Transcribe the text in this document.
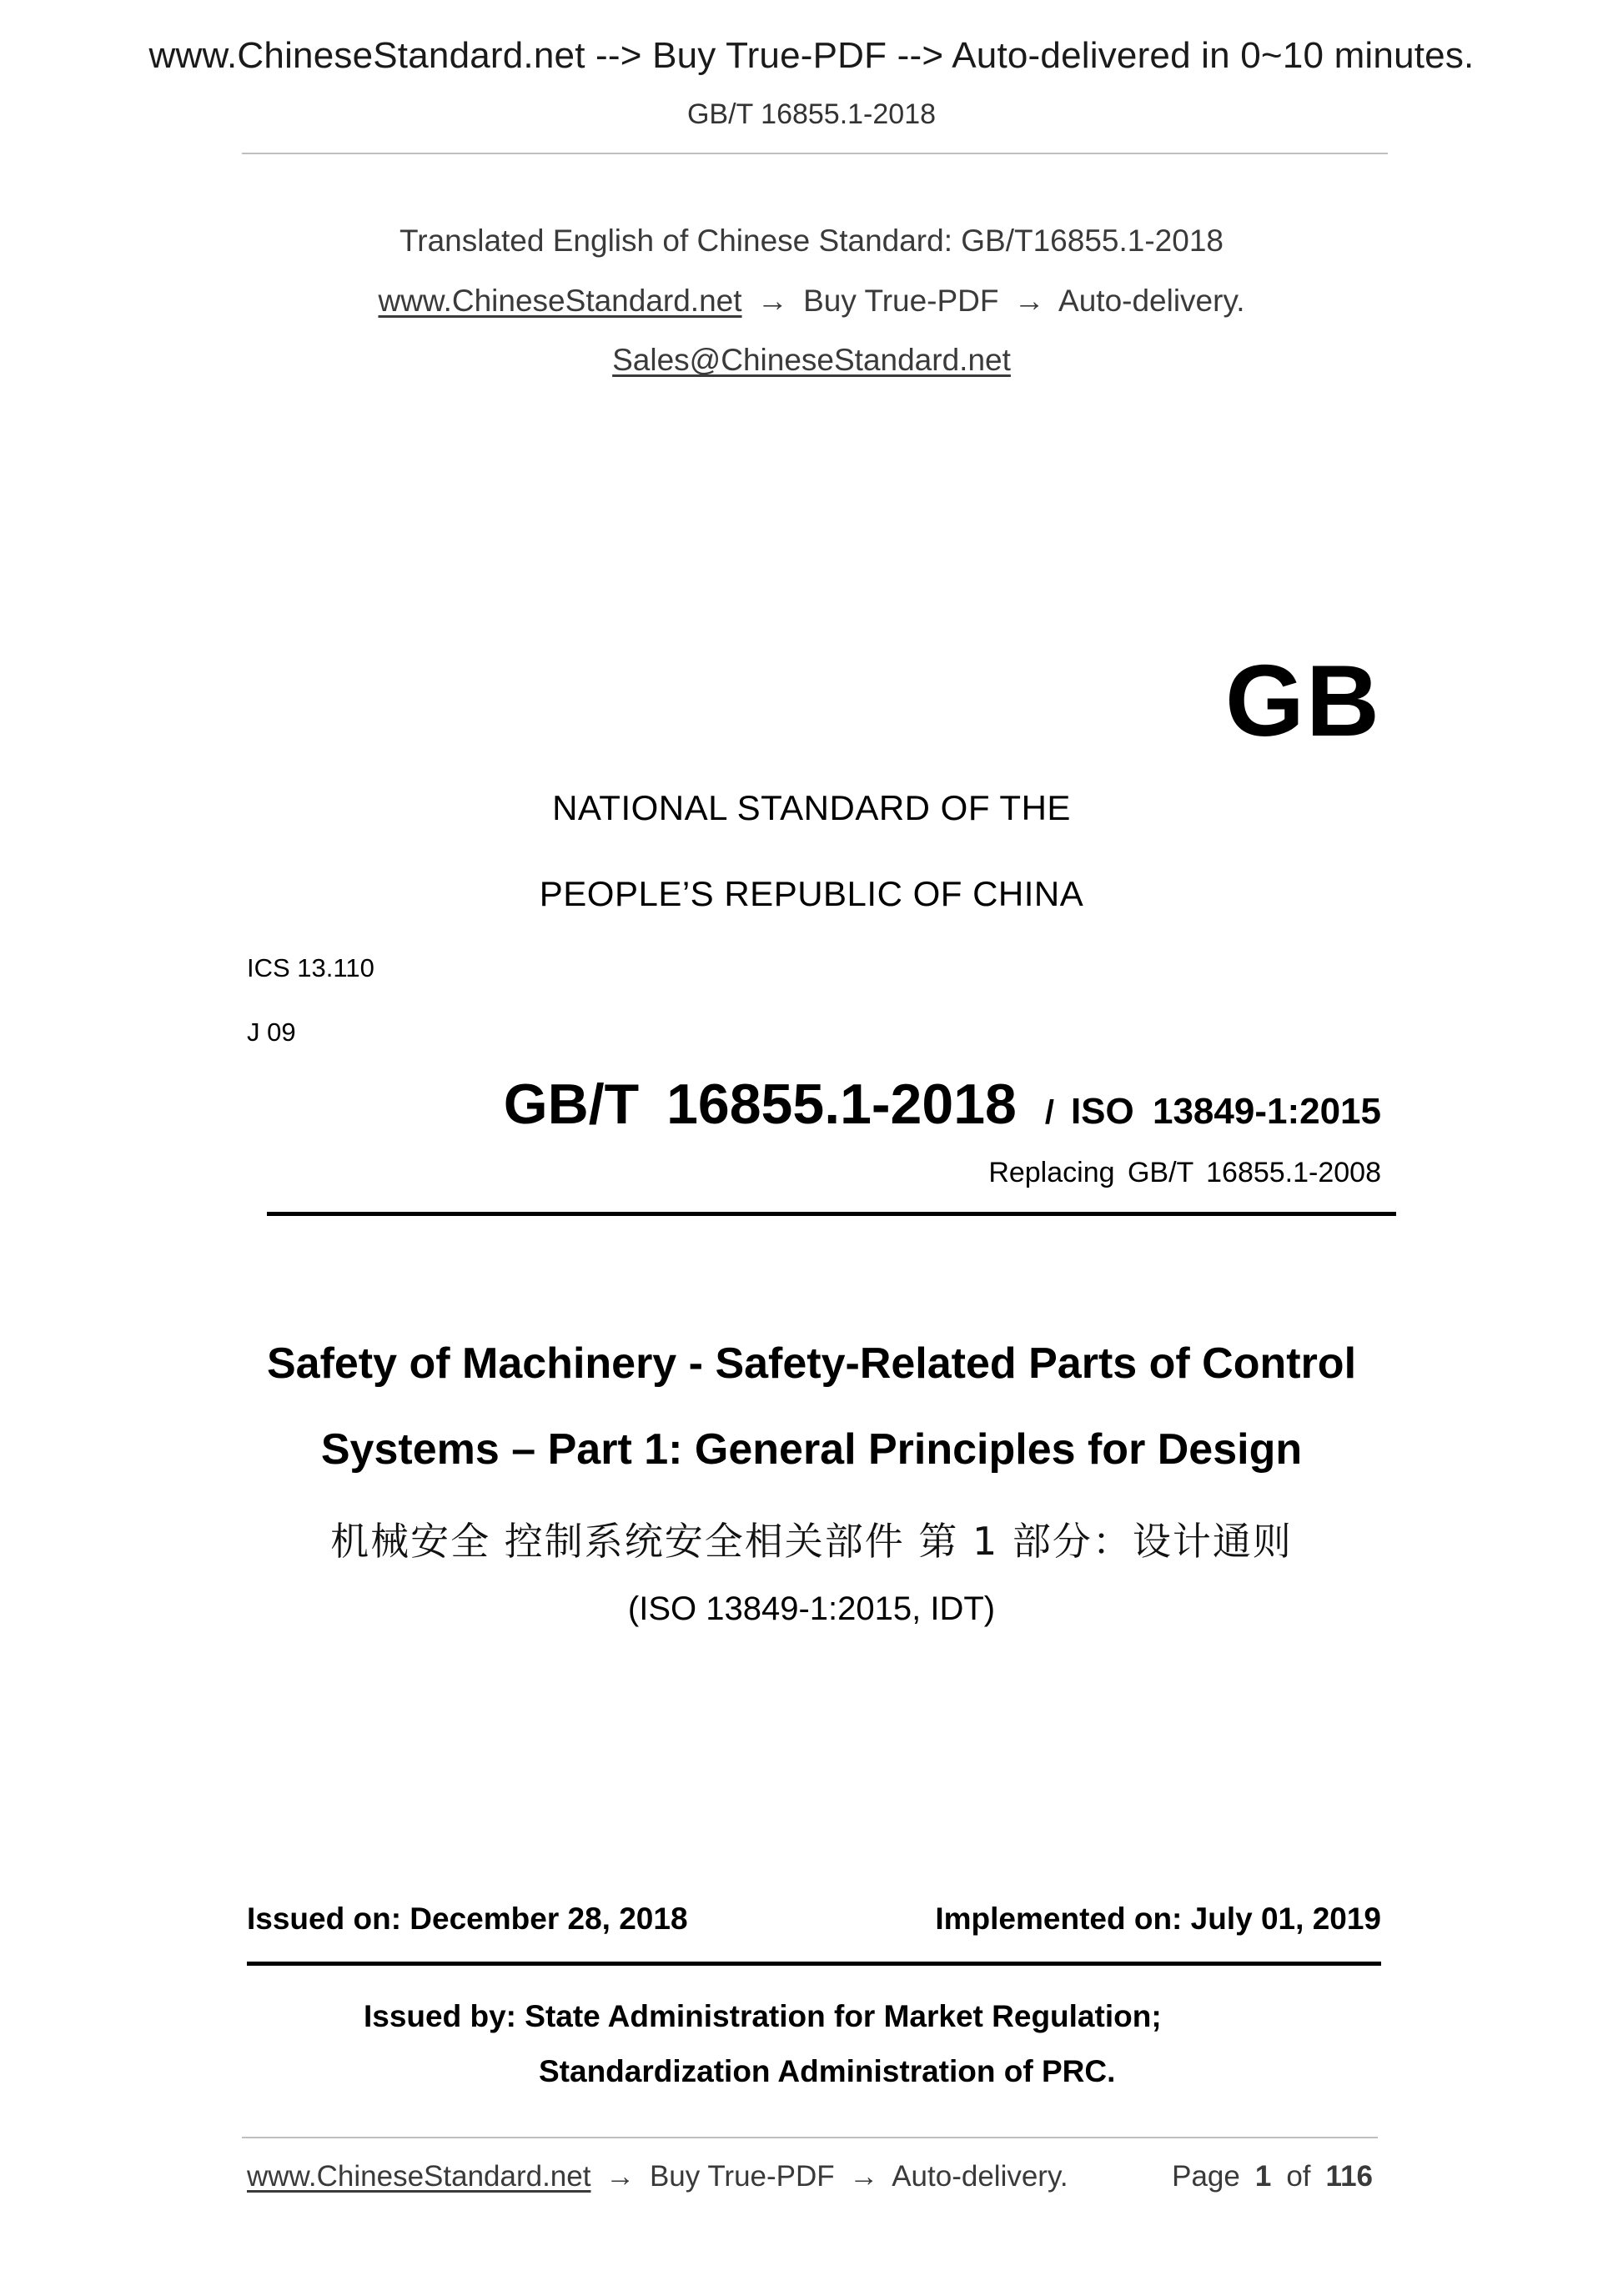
www.ChineseStandard.net --> Buy True-PDF --> Auto-delivered in 0~10 minutes.
GB/T 16855.1-2018
Translated English of Chinese Standard: GB/T16855.1-2018
www.ChineseStandard.net → Buy True-PDF → Auto-delivery.
Sales@ChineseStandard.net
GB
NATIONAL STANDARD OF THE
PEOPLE’S REPUBLIC OF CHINA
ICS 13.110
J 09
GB/T 16855.1-2018 / ISO 13849-1:2015
Replacing GB/T 16855.1-2008
Safety of Machinery - Safety-Related Parts of Control
Systems – Part 1: General Principles for Design
机械安全 控制系统安全相关部件 第 1 部分：设计通则
(ISO 13849-1:2015, IDT)
Issued on: December 28, 2018	Implemented on: July 01, 2019
Issued by: State Administration for Market Regulation;
Standardization Administration of PRC.
www.ChineseStandard.net → Buy True-PDF → Auto-delivery.	Page 1 of 116
